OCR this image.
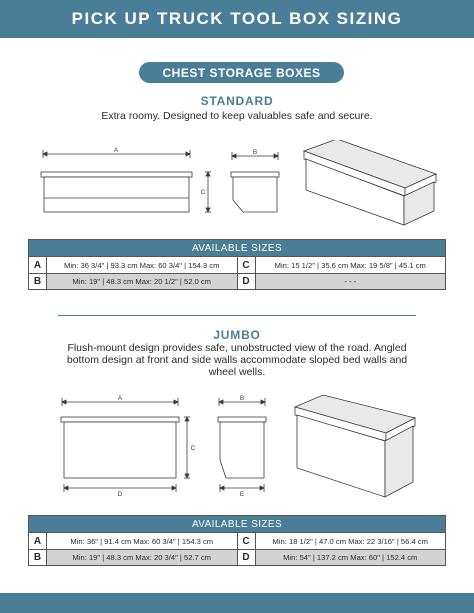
PICK UP TRUCK TOOL BOX SIZING
CHEST STORAGE BOXES
STANDARD
Extra roomy. Designed to keep valuables safe and secure.
A	B
C
AVAILABLE SIZES
A	Min: 36 3/4" | 93.3 cm Max: 60 3/4" | 154.3 cm	C	Min: 15 1/2" | 35.6 cm Max: 19 5/8" | 45.1 cm
B	Min: 19" | 48.3 cm Max: 20 1/2" | 52.0 cm	D	- - -
JUMBO
Flush-mount design provides safe, unobstructed view of the road. Angled bottom design at front and side walls accommodate sloped bed walls and wheel wells.
A	B
C
D	E
AVAILABLE SIZES
A	Min: 36" | 91.4 cm Max: 60 3/4" | 154.3 cm	C	Min: 18 1/2" | 47.0 cm Max: 22 3/16" | 56.4 cm
B	Min: 19" | 48.3 cm Max: 20 3/4" | 52.7 cm	D	Min: 54" | 137.2 cm Max: 60" | 152.4 cm
